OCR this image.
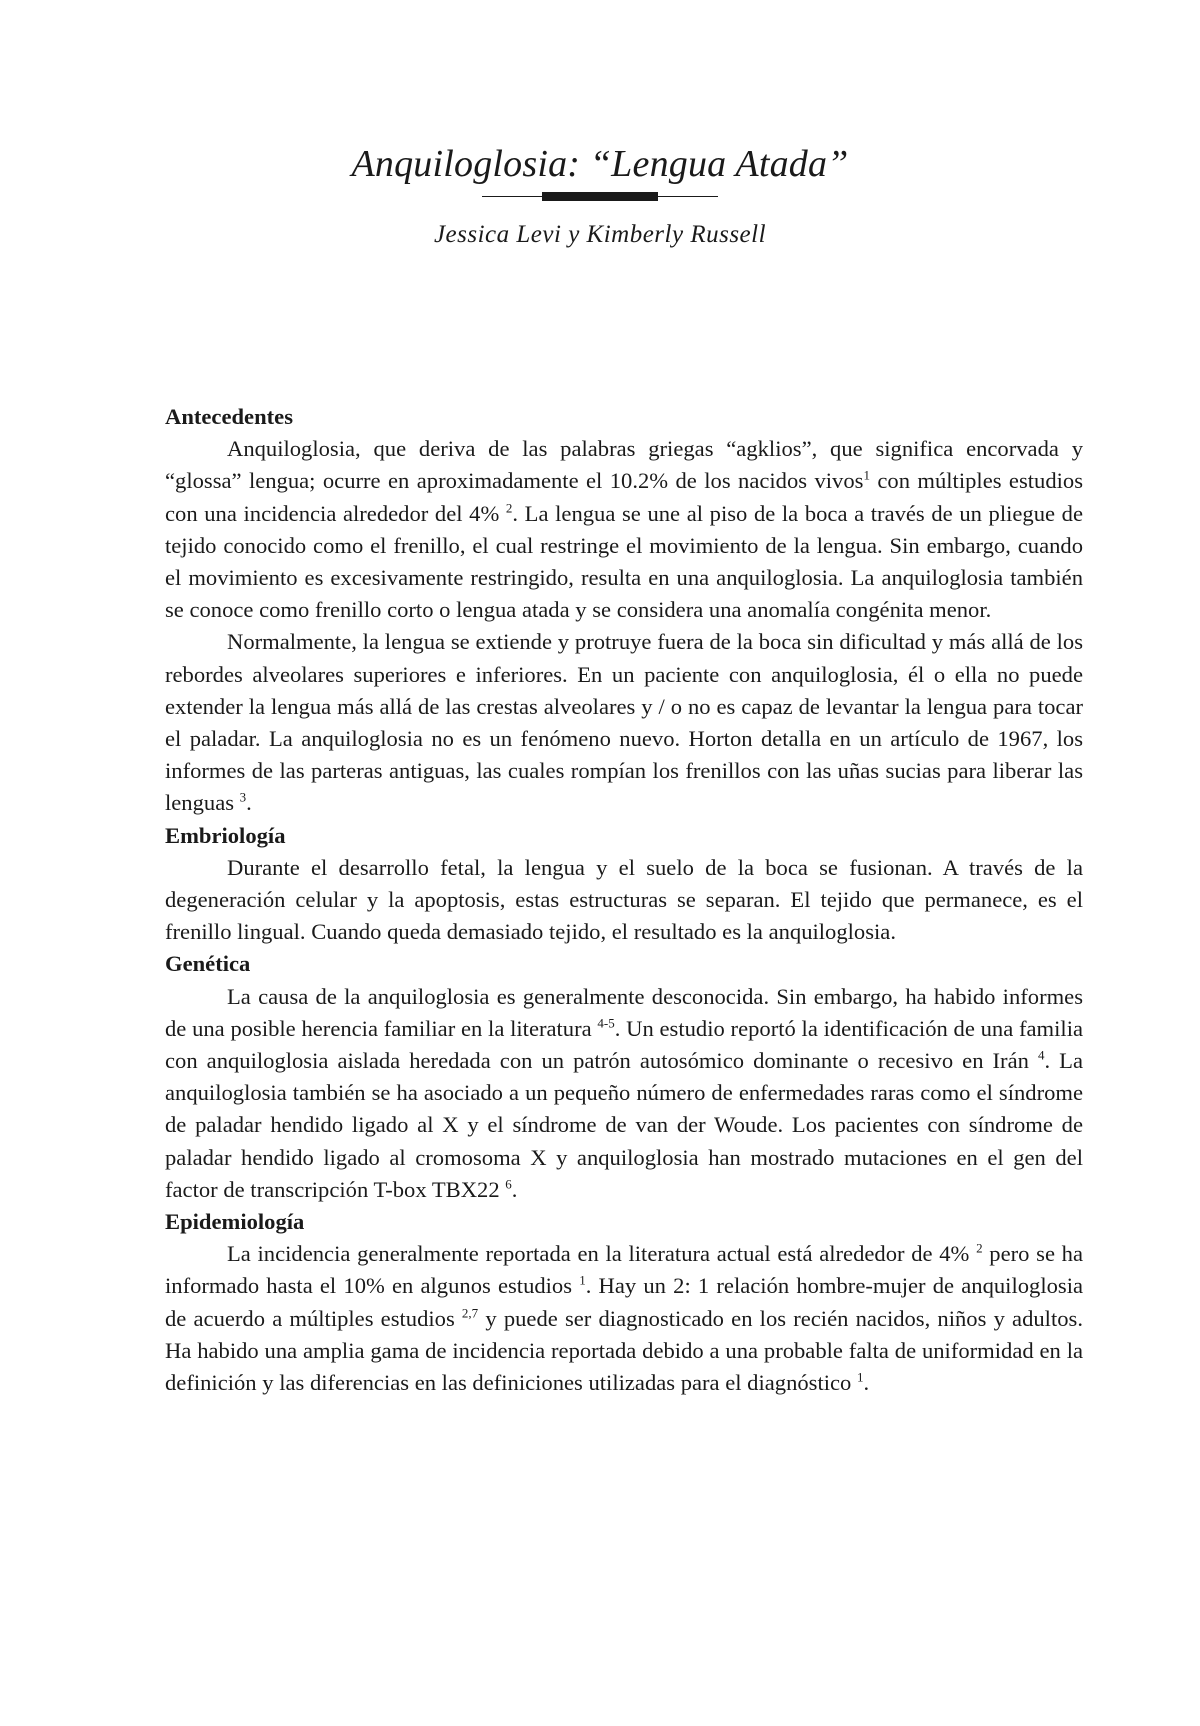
Anquiloglosia: “Lengua Atada”
Jessica Levi y Kimberly Russell
Antecedentes

Anquiloglosia, que deriva de las palabras griegas “agklios”, que significa encorvada y “glossa” lengua; ocurre en aproximadamente el 10.2% de los nacidos vivos$^1$ con múltiples estudios con una incidencia alrededor del 4% $^2$. La lengua se une al piso de la boca a través de un pliegue de tejido conocido como el frenillo, el cual restringe el movimiento de la lengua. Sin embargo, cuando el movimiento es excesivamente restringido, resulta en una anquiloglosia. La anquiloglosia también se conoce como frenillo corto o lengua atada y se considera una anomalía congénita menor.

Normalmente, la lengua se extiende y protruye fuera de la boca sin dificultad y más allá de los rebordes alveolares superiores e inferiores. En un paciente con anquiloglosia, él o ella no puede extender la lengua más allá de las crestas alveolares y / o no es capaz de levantar la lengua para tocar el paladar. La anquiloglosia no es un fenómeno nuevo. Horton detalla en un artículo de 1967, los informes de las parteras antiguas, las cuales rompían los frenillos con las uñas sucias para liberar las lenguas $^3$.

Embriología

Durante el desarrollo fetal, la lengua y el suelo de la boca se fusionan. A través de la degeneración celular y la apoptosis, estas estructuras se separan. El tejido que permanece, es el frenillo lingual. Cuando queda demasiado tejido, el resultado es la anquiloglosia.

Genética

La causa de la anquiloglosia es generalmente desconocida. Sin embargo, ha habido informes de una posible herencia familiar en la literatura $^{4-5}$. Un estudio reportó la identificación de una familia con anquiloglosia aislada heredada con un patrón autosómico dominante o recesivo en Irán $^4$. La anquiloglosia también se ha asociado a un pequeño número de enfermedades raras como el síndrome de paladar hendido ligado al X y el síndrome de van der Woude. Los pacientes con síndrome de paladar hendido ligado al cromosoma X y anquiloglosia han mostrado mutaciones en el gen del factor de transcripción T-box TBX22 $^6$.

Epidemiología

La incidencia generalmente reportada en la literatura actual está alrededor de 4% $^2$ pero se ha informado hasta el 10% en algunos estudios $^1$. Hay un 2: 1 relación hombre-mujer de anquiloglosia de acuerdo a múltiples estudios $^{2,7}$ y puede ser diagnosticado en los recién nacidos, niños y adultos. Ha habido una amplia gama de incidencia reportada debido a una probable falta de uniformidad en la definición y las diferencias en las definiciones utilizadas para el diagnóstico $^1$.
